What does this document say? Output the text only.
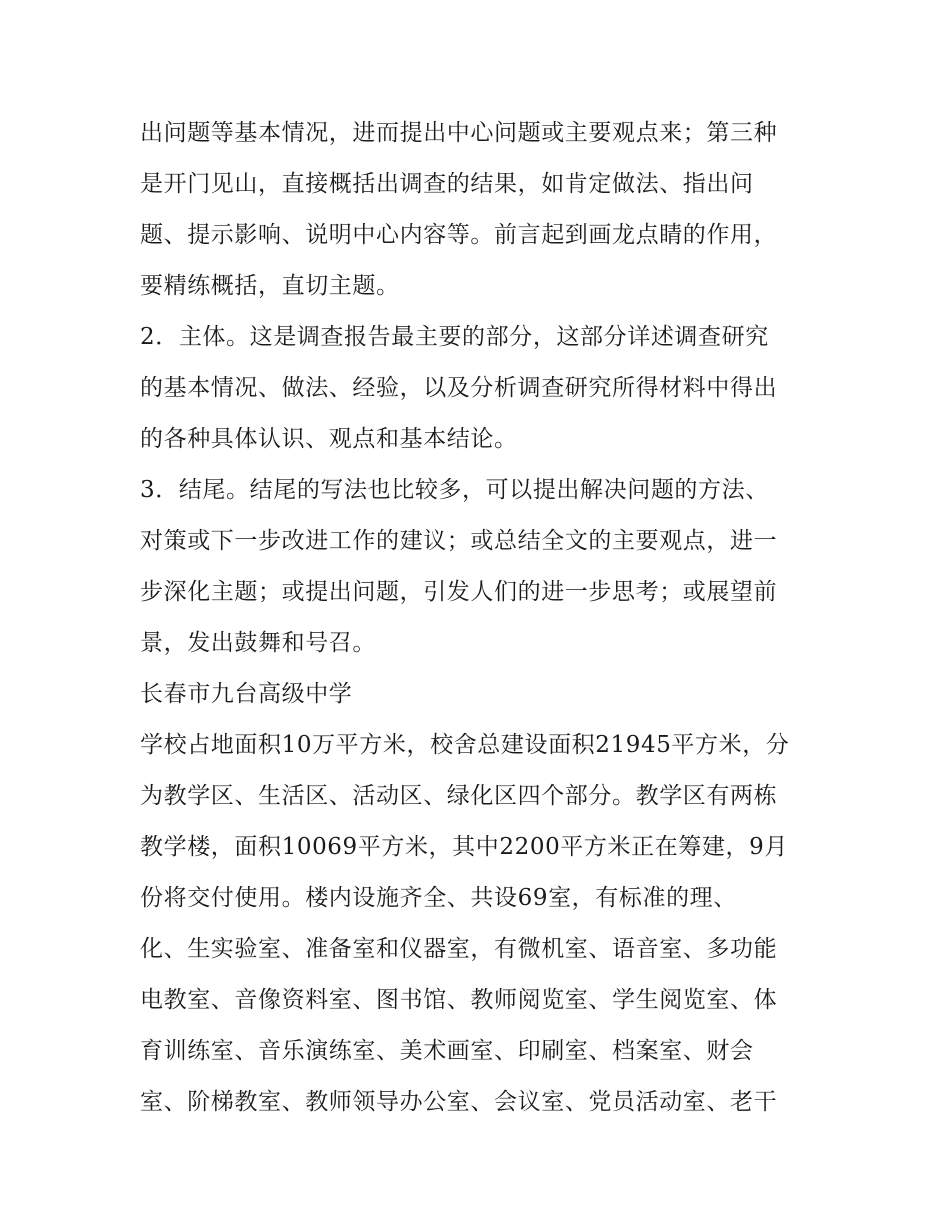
出问题等基本情况，进而提出中心问题或主要观点来；第三种
是开门见山，直接概括出调查的结果，如肯定做法、指出问
题、提示影响、说明中心内容等。前言起到画龙点睛的作用，
要精练概括，直切主题。
2．主体。这是调查报告最主要的部分，这部分详述调查研究
的基本情况、做法、经验，以及分析调查研究所得材料中得出
的各种具体认识、观点和基本结论。
3．结尾。结尾的写法也比较多，可以提出解决问题的方法、
对策或下一步改进工作的建议；或总结全文的主要观点，进一
步深化主题；或提出问题，引发人们的进一步思考；或展望前
景，发出鼓舞和号召。
长春市九台高级中学
学校占地面积10万平方米，校舍总建设面积21945平方米，分
为教学区、生活区、活动区、绿化区四个部分。教学区有两栋
教学楼，面积10069平方米，其中2200平方米正在筹建，9月
份将交付使用。楼内设施齐全、共设69室，有标准的理、
化、生实验室、准备室和仪器室，有微机室、语音室、多功能
电教室、音像资料室、图书馆、教师阅览室、学生阅览室、体
育训练室、音乐演练室、美术画室、印刷室、档案室、财会
室、阶梯教室、教师领导办公室、会议室、党员活动室、老干
